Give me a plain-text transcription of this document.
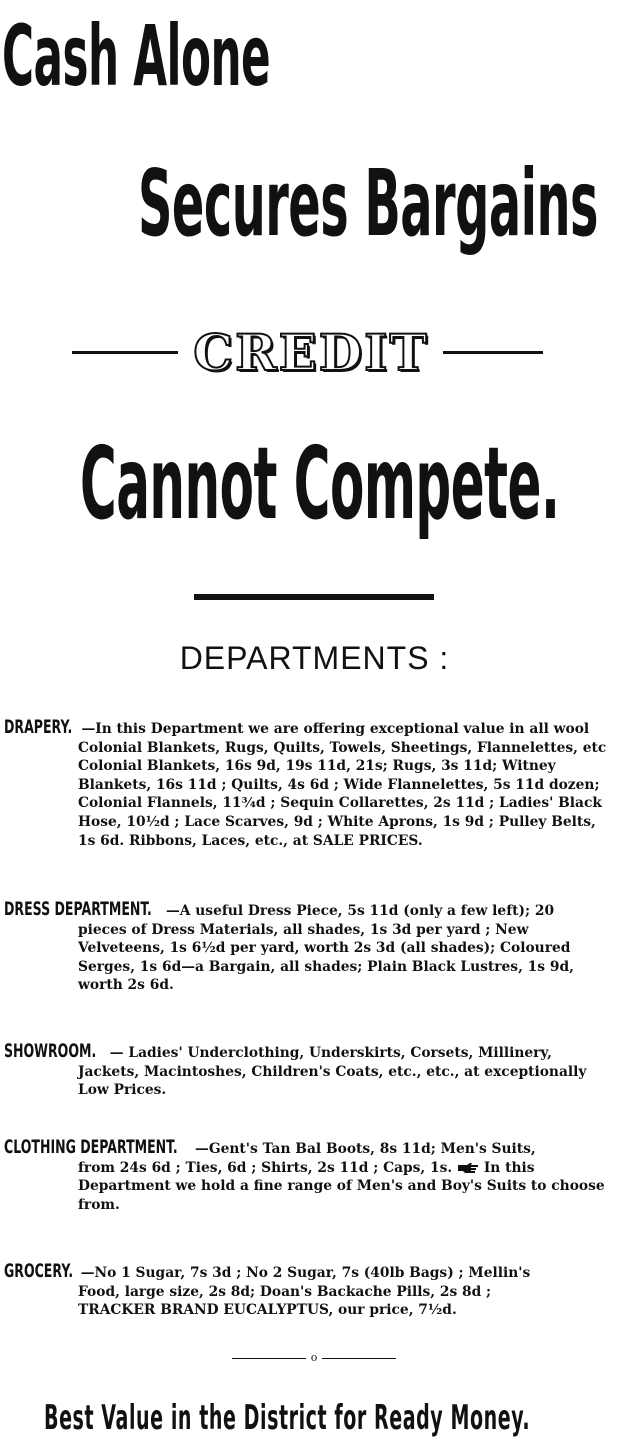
Cash Alone
Secures Bargains
CREDIT
Cannot Compete.
DEPARTMENTS :
DRAPERY. —In this Department we are offering exceptional value in all wool
Colonial Blankets, Rugs, Quilts, Towels, Sheetings, Flannelettes, etc
Colonial Blankets, 16s 9d, 19s 11d, 21s; Rugs, 3s 11d; Witney
Blankets, 16s 11d ; Quilts, 4s 6d ; Wide Flannelettes, 5s 11d dozen;
Colonial Flannels, 11¾d ; Sequin Collarettes, 2s 11d ; Ladies' Black
Hose, 10½d ; Lace Scarves, 9d ; White Aprons, 1s 9d ; Pulley Belts,
1s 6d. Ribbons, Laces, etc., at SALE PRICES.
DRESS DEPARTMENT. —A useful Dress Piece, 5s 11d (only a few left); 20
pieces of Dress Materials, all shades, 1s 3d per yard ; New
Velveteens, 1s 6½d per yard, worth 2s 3d (all shades); Coloured
Serges, 1s 6d—a Bargain, all shades; Plain Black Lustres, 1s 9d,
worth 2s 6d.
SHOWROOM. — Ladies' Underclothing, Underskirts, Corsets, Millinery,
Jackets, Macintoshes, Children's Coats, etc., etc., at exceptionally
Low Prices.
CLOTHING DEPARTMENT. —Gent's Tan Bal Boots, 8s 11d; Men's Suits,
from 24s 6d ; Ties, 6d ; Shirts, 2s 11d ; Caps, 1s. In this
Department we hold a fine range of Men's and Boy's Suits to choose
from.
GROCERY. —No 1 Sugar, 7s 3d ; No 2 Sugar, 7s (40lb Bags) ; Mellin's
Food, large size, 2s 8d; Doan's Backache Pills, 2s 8d ;
TRACKER BRAND EUCALYPTUS, our price, 7½d.
o
Best Value in the District for Ready Money.
